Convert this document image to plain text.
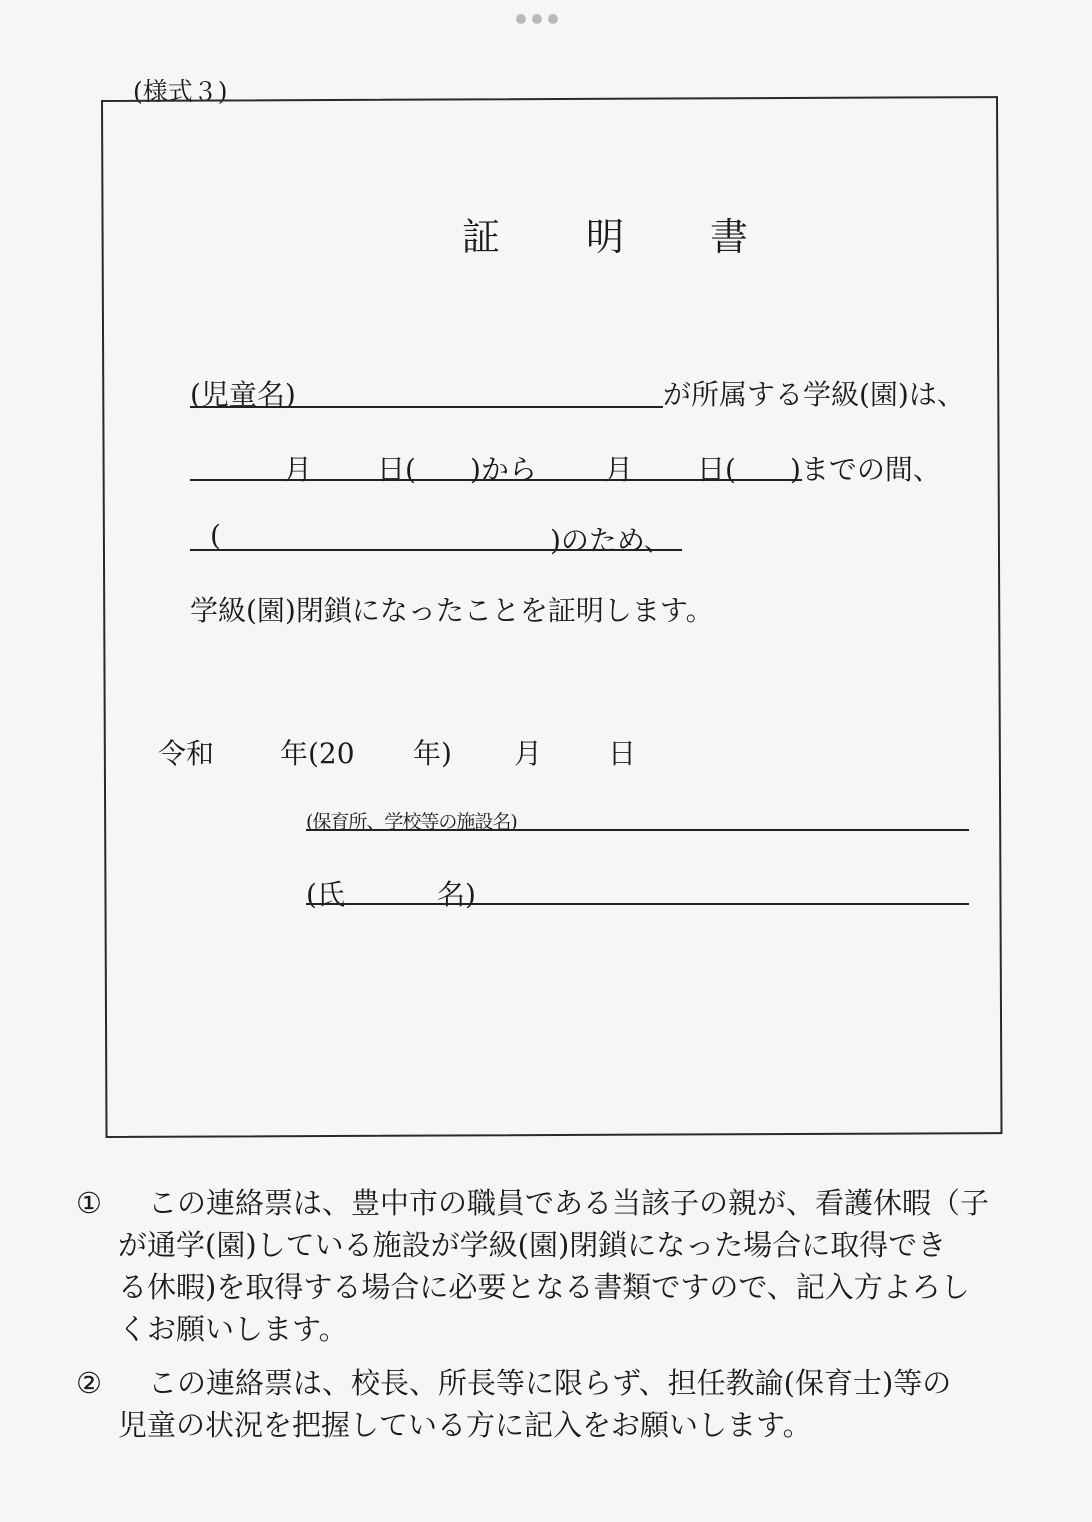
(様式３)
証　明　書
(児童名)	が所属する学級(園)は、
月 日( )から 月 日( )までの間、
(	)のため、
学級(園)閉鎖になったことを証明します。
令和 年(20 年) 月 日
(保育所、学校等の施設名)
(氏	名)
① この連絡票は、豊中市の職員である当該子の親が、看護休暇（子
が通学(園)している施設が学級(園)閉鎖になった場合に取得でき
る休暇)を取得する場合に必要となる書類ですので、記入方よろし
くお願いします。
② この連絡票は、校長、所長等に限らず、担任教諭(保育士)等の
児童の状況を把握している方に記入をお願いします。
